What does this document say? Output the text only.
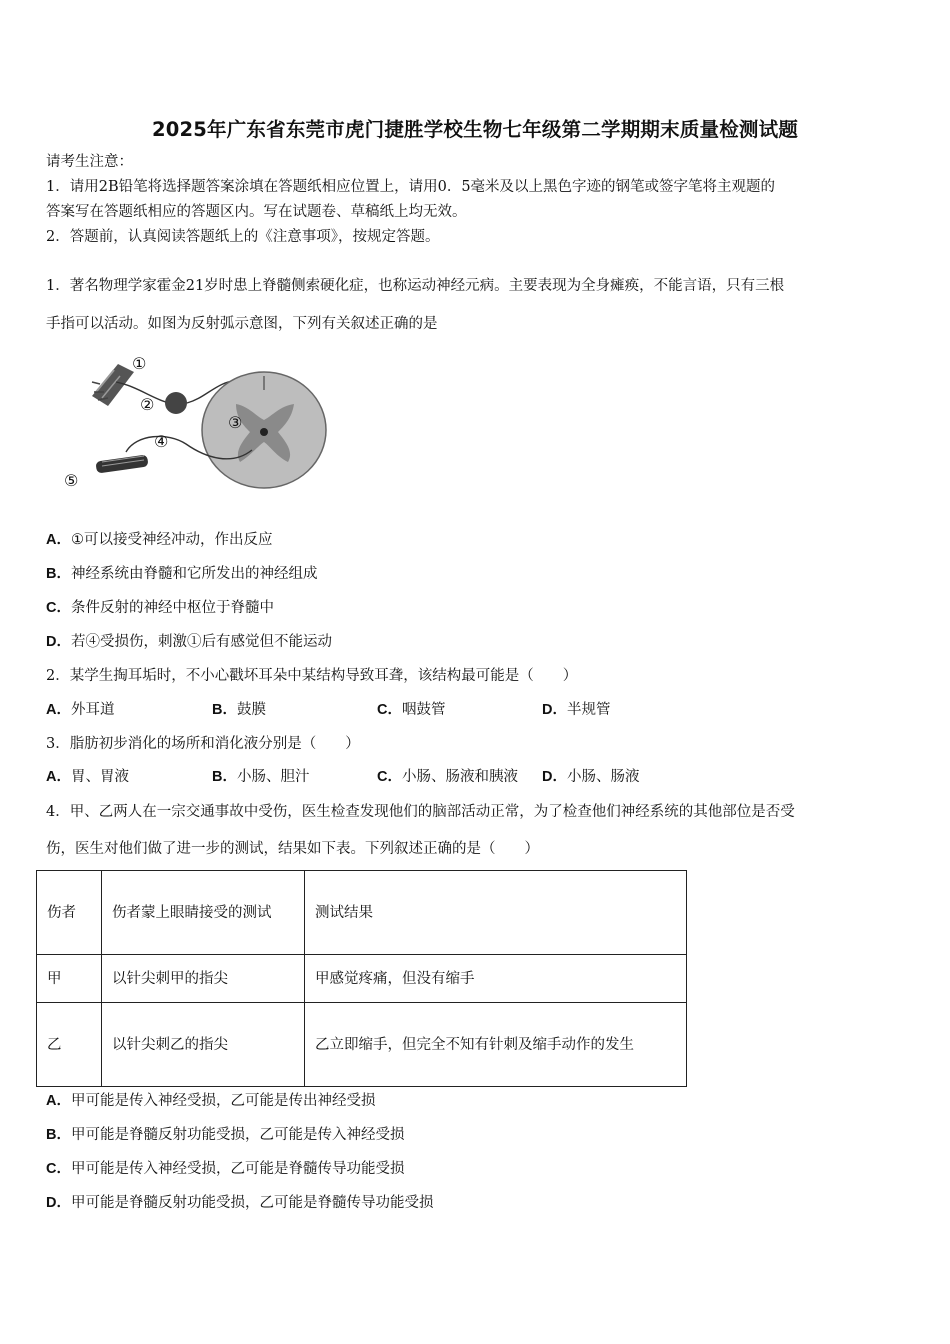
2025年广东省东莞市虎门捷胜学校生物七年级第二学期期末质量检测试题
请考生注意：
1．请用2B铅笔将选择题答案涂填在答题纸相应位置上，请用0．5毫米及以上黑色字迹的钢笔或签字笔将主观题的
答案写在答题纸相应的答题区内。写在试题卷、草稿纸上均无效。
2．答题前，认真阅读答题纸上的《注意事项》，按规定答题。
1．著名物理学家霍金21岁时患上脊髓侧索硬化症，也称运动神经元病。主要表现为全身瘫痪，不能言语，只有三根
手指可以活动。如图为反射弧示意图，下列有关叙述正确的是
①
②
③
④
⑤
A．①可以接受神经冲动，作出反应
B．神经系统由脊髓和它所发出的神经组成
C．条件反射的神经中枢位于脊髓中
D．若④受损伤，刺激①后有感觉但不能运动
2．某学生掏耳垢时，不小心戳坏耳朵中某结构导致耳聋，该结构最可能是（　　）
A．外耳道	B．鼓膜	C．咽鼓管	D．半规管
3．脂肪初步消化的场所和消化液分别是（　　）
A．胃、胃液	B．小肠、胆汁	C．小肠、肠液和胰液 D．小肠、肠液
4．甲、乙两人在一宗交通事故中受伤，医生检查发现他们的脑部活动正常，为了检查他们神经系统的其他部位是否受
伤，医生对他们做了进一步的测试，结果如下表。下列叙述正确的是（　　）
伤者	伤者蒙上眼睛接受的测试	测试结果
甲	以针尖刺甲的指尖	甲感觉疼痛，但没有缩手
乙	以针尖刺乙的指尖	乙立即缩手，但完全不知有针刺及缩手动作的发生
A．甲可能是传入神经受损，乙可能是传出神经受损
B．甲可能是脊髓反射功能受损，乙可能是传入神经受损
C．甲可能是传入神经受损，乙可能是脊髓传导功能受损
D．甲可能是脊髓反射功能受损，乙可能是脊髓传导功能受损
